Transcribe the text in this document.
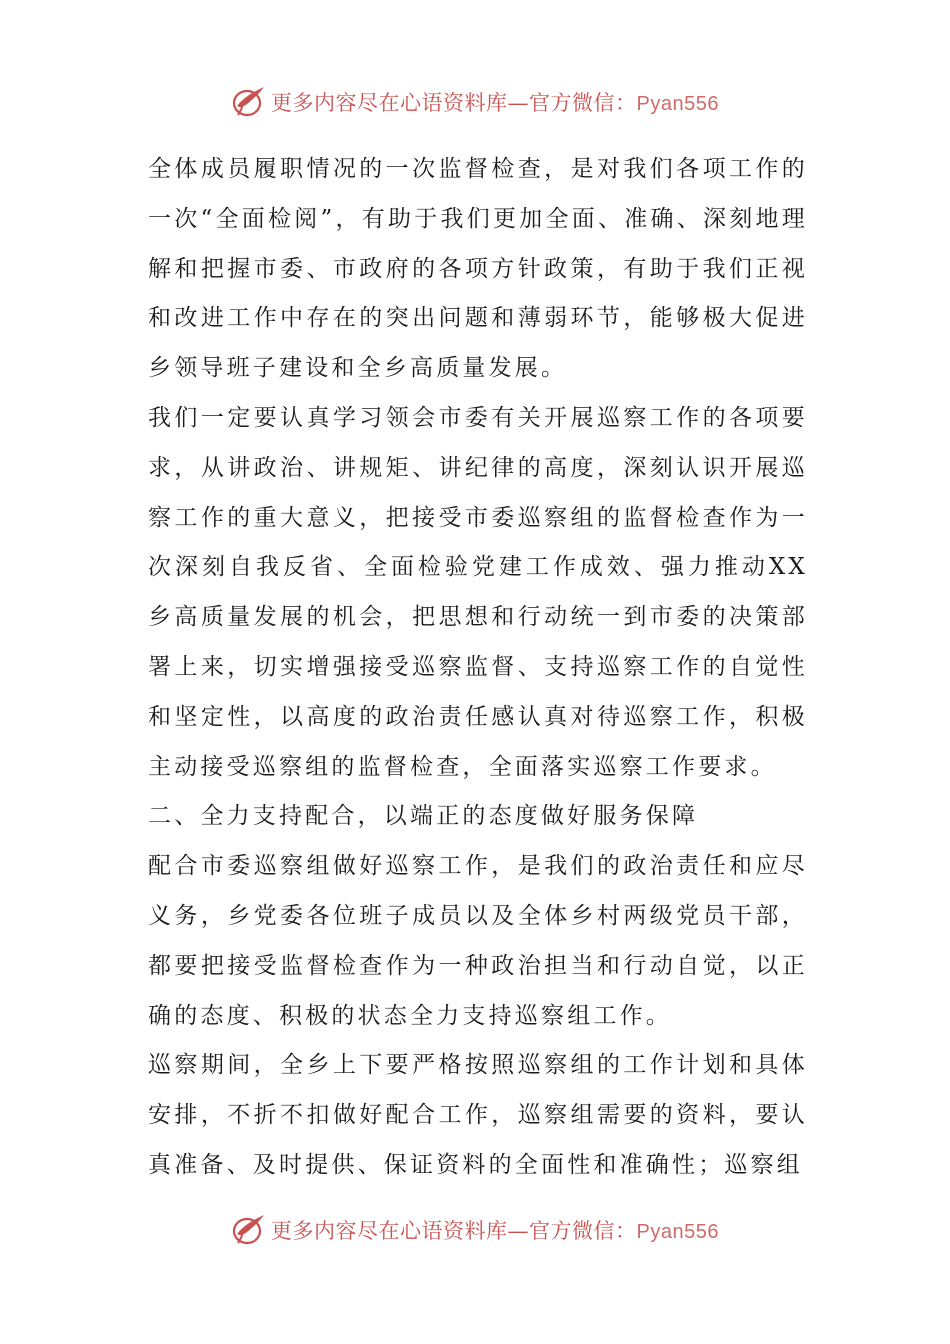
更多内容尽在心语资料库 — 官方微信： Pyan556

全体成员履职情况的一次监督检查，是对我们各项工作的一次“全面检阅”，有助于我们更加全面、准确、深刻地理解和把握市委、市政府的各项方针政策，有助于我们正视和改进工作中存在的突出问题和薄弱环节，能够极大促进乡领导班子建设和全乡高质量发展。

我们一定要认真学习领会市委有关开展巡察工作的各项要求，从讲政治、讲规矩、讲纪律的高度，深刻认识开展巡察工作的重大意义，把接受市委巡察组的监督检查作为一次深刻自我反省、全面检验党建工作成效、强力推动XX乡高质量发展的机会，把思想和行动统一到市委的决策部署上来，切实增强接受巡察监督、支持巡察工作的自觉性和坚定性，以高度的政治责任感认真对待巡察工作，积极主动接受巡察组的监督检查，全面落实巡察工作要求。

二、全力支持配合，以端正的态度做好服务保障

配合市委巡察组做好巡察工作，是我们的政治责任和应尽义务，乡党委各位班子成员以及全体乡村两级党员干部，都要把接受监督检查作为一种政治担当和行动自觉，以正确的态度、积极的状态全力支持巡察组工作。

巡察期间，全乡上下要严格按照巡察组的工作计划和具体安排，不折不扣做好配合工作，巡察组需要的资料，要认真准备、及时提供、保证资料的全面性和准确性；巡察组

更多内容尽在心语资料库 — 官方微信： Pyan556
